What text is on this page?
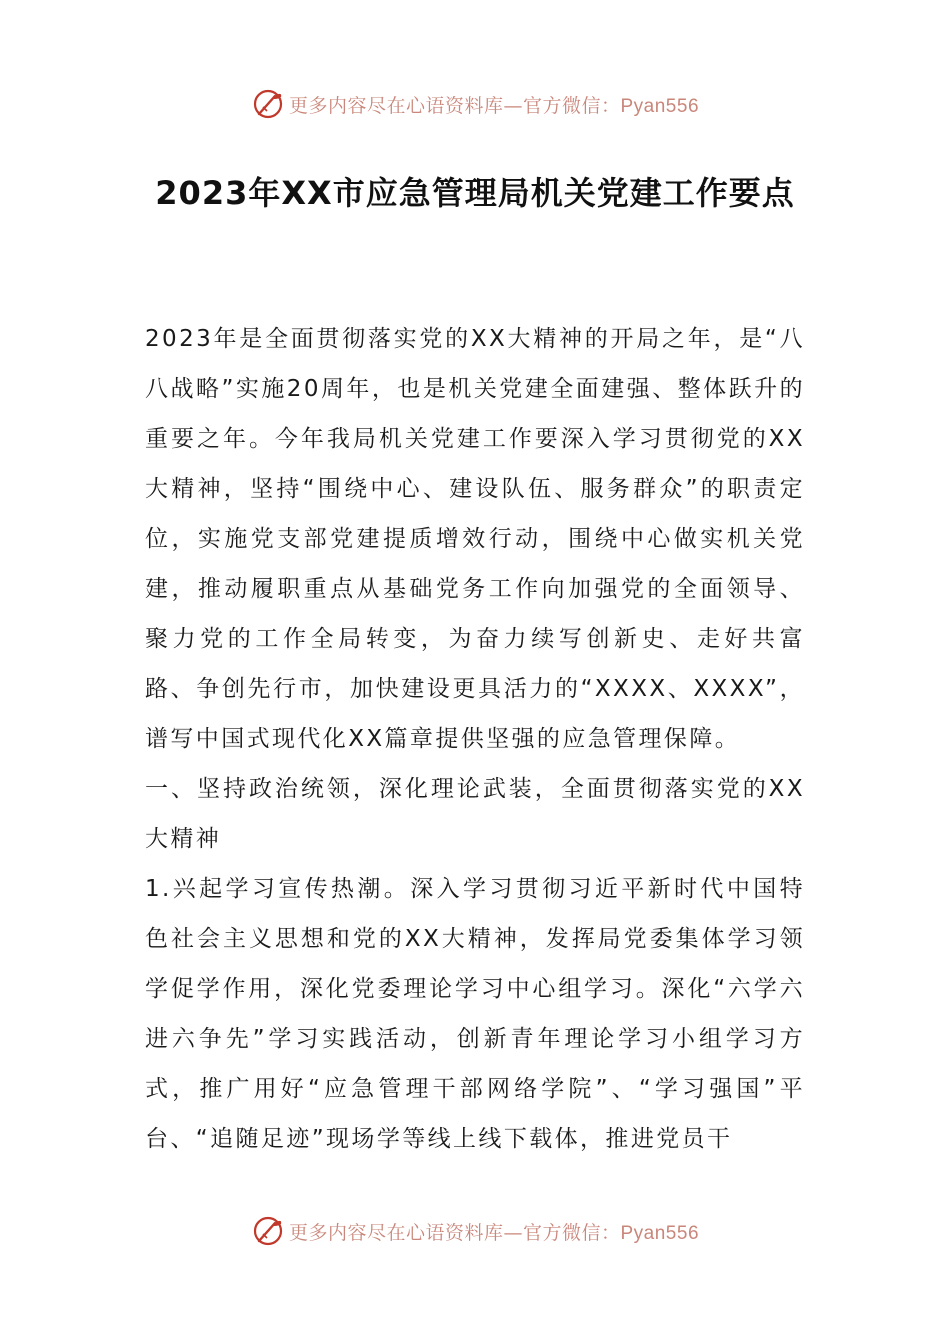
更多内容尽在心语资料库—官方微信：Pyan556
2023年XX市应急管理局机关党建工作要点

2023年是全面贯彻落实党的XX大精神的开局之年，是“八八战略”实施20周年，也是机关党建全面建强、整体跃升的重要之年。今年我局机关党建工作要深入学习贯彻党的XX大精神，坚持“围绕中心、建设队伍、服务群众”的职责定位，实施党支部党建提质增效行动，围绕中心做实机关党建，推动履职重点从基础党务工作向加强党的全面领导、聚力党的工作全局转变，为奋力续写创新史、走好共富路、争创先行市，加快建设更具活力的“XXXX、XXXX”，谱写中国式现代化XX篇章提供坚强的应急管理保障。

一、坚持政治统领，深化理论武装，全面贯彻落实党的XX大精神

1.兴起学习宣传热潮。深入学习贯彻习近平新时代中国特色社会主义思想和党的XX大精神，发挥局党委集体学习领学促学作用，深化党委理论学习中心组学习。深化“六学六进六争先”学习实践活动，创新青年理论学习小组学习方式，推广用好“应急管理干部网络学院”、“学习强国”平台、“追随足迹”现场学等线上线下载体，推进党员干

更多内容尽在心语资料库—官方微信：Pyan556
